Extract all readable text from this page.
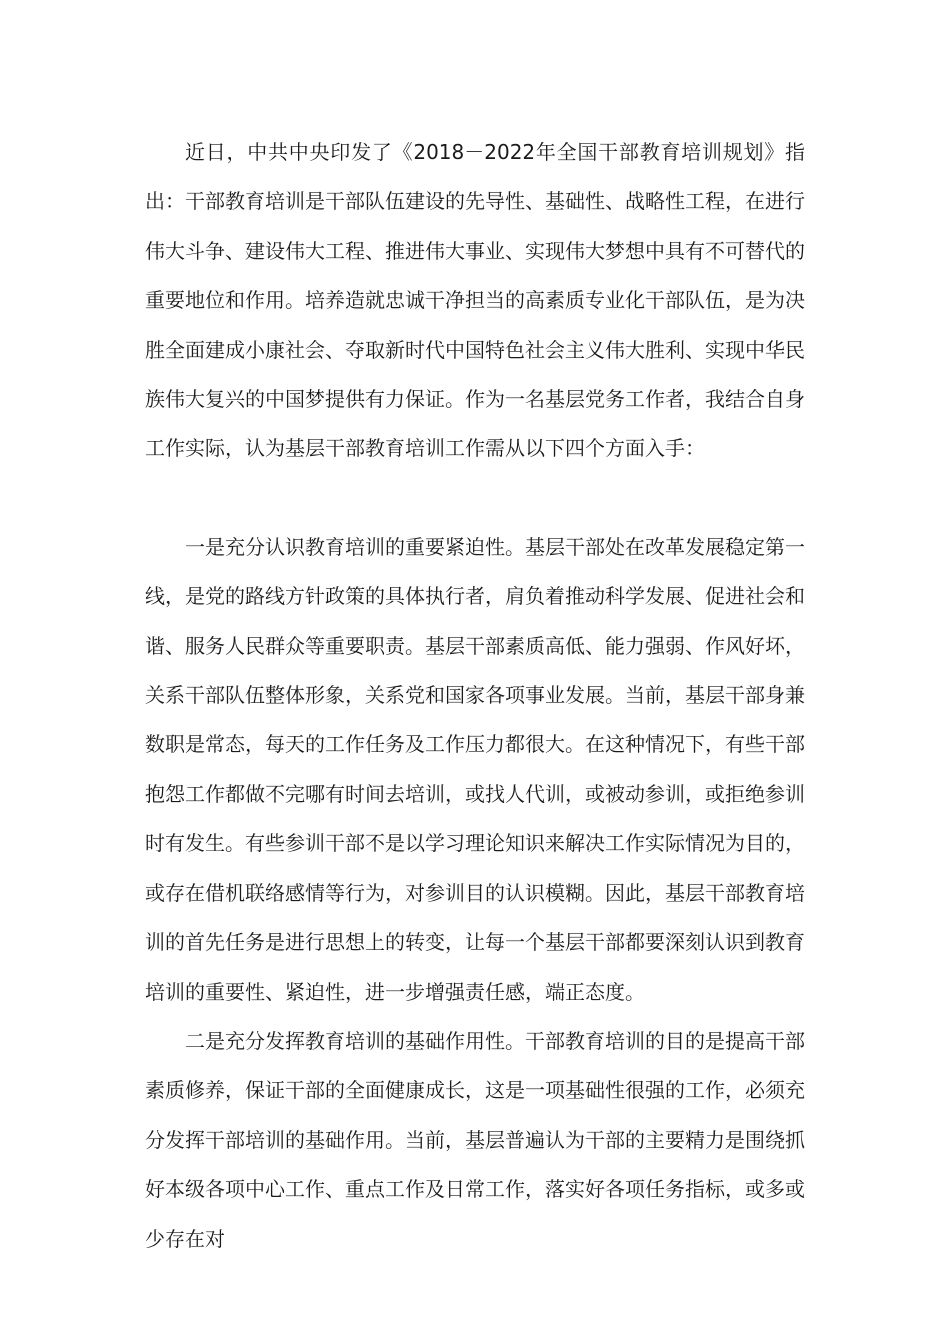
近日，中共中央印发了《2018－2022年全国干部教育培训规划》指出：干部教育培训是干部队伍建设的先导性、基础性、战略性工程，在进行伟大斗争、建设伟大工程、推进伟大事业、实现伟大梦想中具有不可替代的重要地位和作用。培养造就忠诚干净担当的高素质专业化干部队伍，是为决胜全面建成小康社会、夺取新时代中国特色社会主义伟大胜利、实现中华民族伟大复兴的中国梦提供有力保证。作为一名基层党务工作者，我结合自身工作实际，认为基层干部教育培训工作需从以下四个方面入手：

一是充分认识教育培训的重要紧迫性。基层干部处在改革发展稳定第一线，是党的路线方针政策的具体执行者，肩负着推动科学发展、促进社会和谐、服务人民群众等重要职责。基层干部素质高低、能力强弱、作风好坏，关系干部队伍整体形象，关系党和国家各项事业发展。当前，基层干部身兼数职是常态，每天的工作任务及工作压力都很大。在这种情况下，有些干部抱怨工作都做不完哪有时间去培训，或找人代训，或被动参训，或拒绝参训时有发生。有些参训干部不是以学习理论知识来解决工作实际情况为目的，或存在借机联络感情等行为，对参训目的认识模糊。因此，基层干部教育培训的首先任务是进行思想上的转变，让每一个基层干部都要深刻认识到教育培训的重要性、紧迫性，进一步增强责任感，端正态度。

二是充分发挥教育培训的基础作用性。干部教育培训的目的是提高干部素质修养，保证干部的全面健康成长，这是一项基础性很强的工作，必须充分发挥干部培训的基础作用。当前，基层普遍认为干部的主要精力是围绕抓好本级各项中心工作、重点工作及日常工作，落实好各项任务指标，或多或少存在对
